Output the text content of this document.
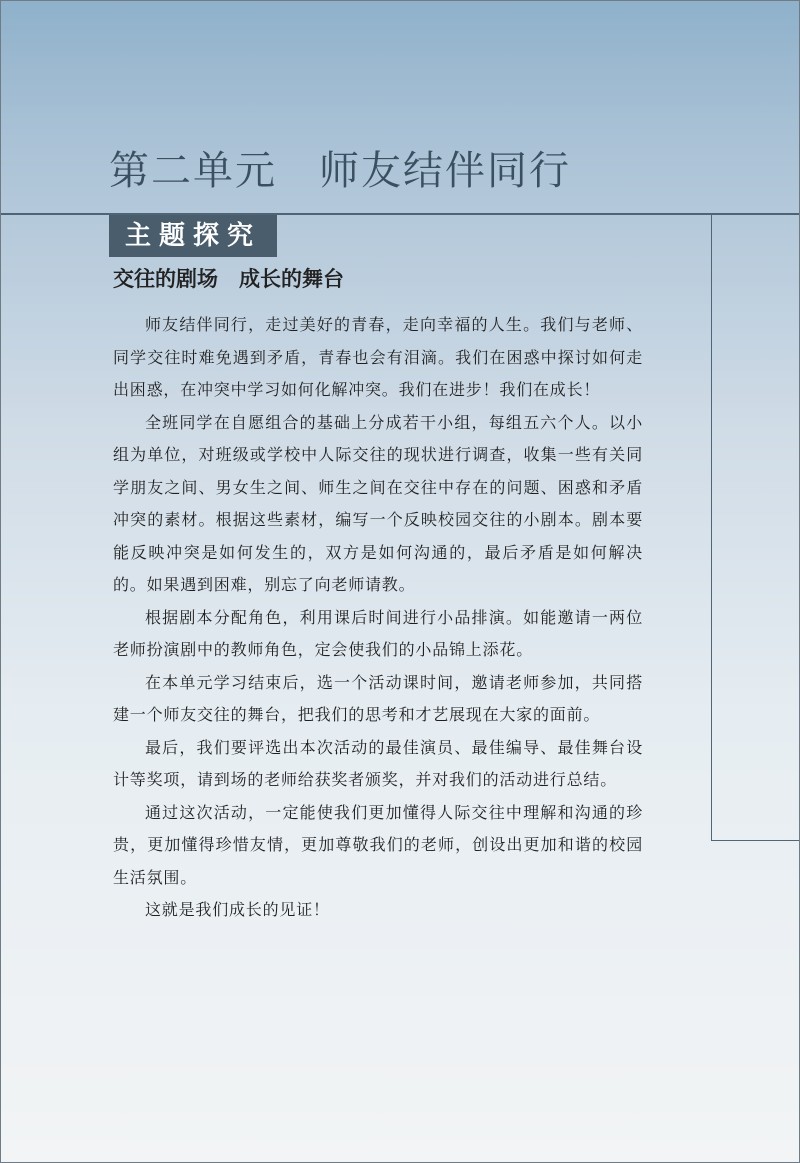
第二单元　师友结伴同行
主题探究
交往的剧场　成长的舞台

师友结伴同行，走过美好的青春，走向幸福的人生。我们与老师、同学交往时难免遇到矛盾，青春也会有泪滴。我们在困惑中探讨如何走出困惑，在冲突中学习如何化解冲突。我们在进步！我们在成长！

全班同学在自愿组合的基础上分成若干小组，每组五六个人。以小组为单位，对班级或学校中人际交往的现状进行调查，收集一些有关同学朋友之间、男女生之间、师生之间在交往中存在的问题、困惑和矛盾冲突的素材。根据这些素材，编写一个反映校园交往的小剧本。剧本要能反映冲突是如何发生的，双方是如何沟通的，最后矛盾是如何解决的。如果遇到困难，别忘了向老师请教。

根据剧本分配角色，利用课后时间进行小品排演。如能邀请一两位老师扮演剧中的教师角色，定会使我们的小品锦上添花。

在本单元学习结束后，选一个活动课时间，邀请老师参加，共同搭建一个师友交往的舞台，把我们的思考和才艺展现在大家的面前。

最后，我们要评选出本次活动的最佳演员、最佳编导、最佳舞台设计等奖项，请到场的老师给获奖者颁奖，并对我们的活动进行总结。

通过这次活动，一定能使我们更加懂得人际交往中理解和沟通的珍贵，更加懂得珍惜友情，更加尊敬我们的老师，创设出更加和谐的校园生活氛围。

这就是我们成长的见证！
